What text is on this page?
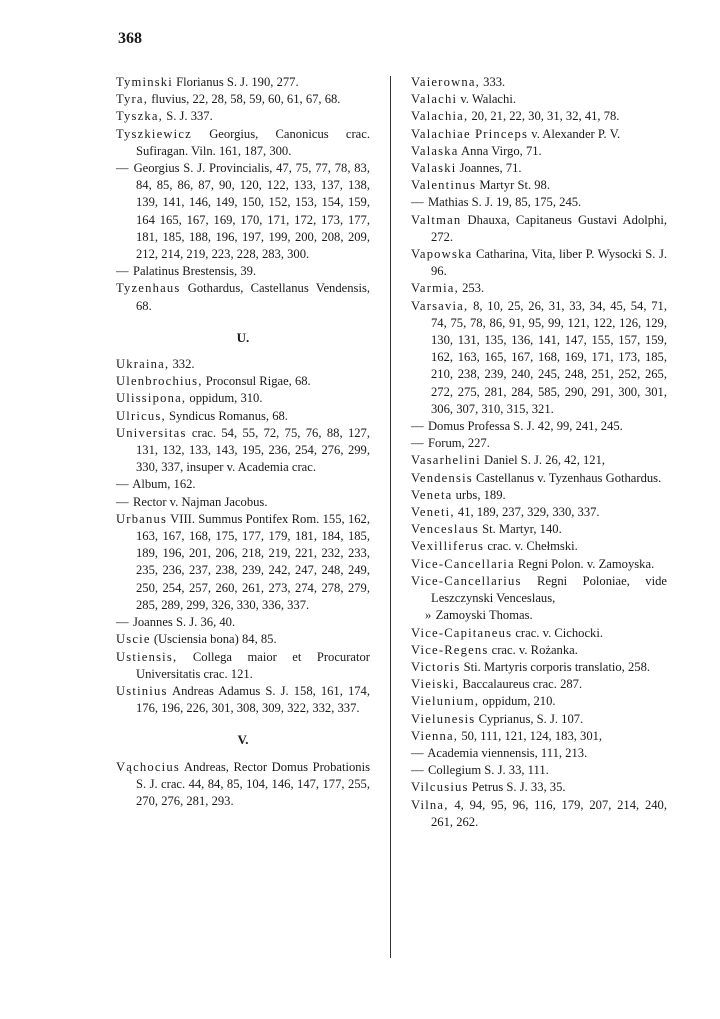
368

Tyminski Florianus S. J. 190, 277.

Tyra, fluvius, 22, 28, 58, 59, 60, 61, 67, 68.

Tyszka, S. J. 337.

Tyszkiewicz Georgius, Canonicus crac. Sufiragan. Viln. 161, 187, 300.

— Georgius S. J. Provincialis, 47, 75, 77, 78, 83, 84, 85, 86, 87, 90, 120, 122, 133, 137, 138, 139, 141, 146, 149, 150, 152, 153, 154, 159, 164 165, 167, 169, 170, 171, 172, 173, 177, 181, 185, 188, 196, 197, 199, 200, 208, 209, 212, 214, 219, 223, 228, 283, 300.

— Palatinus Brestensis, 39.

Tyzenhaus Gothardus, Castellanus Vendensis, 68.

U.

Ukraina, 332.

Ulenbrochius, Proconsul Rigae, 68.

Ulissipona, oppidum, 310.

Ulricus, Syndicus Romanus, 68.

Universitas crac. 54, 55, 72, 75, 76, 88, 127, 131, 132, 133, 143, 195, 236, 254, 276, 299, 330, 337, insuper v. Academia crac.

— Album, 162.

— Rector v. Najman Jacobus.

Urbanus VIII. Summus Pontifex Rom. 155, 162, 163, 167, 168, 175, 177, 179, 181, 184, 185, 189, 196, 201, 206, 218, 219, 221, 232, 233, 235, 236, 237, 238, 239, 242, 247, 248, 249, 250, 254, 257, 260, 261, 273, 274, 278, 279, 285, 289, 299, 326, 330, 336, 337.

— Joannes S. J. 36, 40.

Uscie (Usciensia bona) 84, 85.

Ustiensis, Collega maior et Procurator Universitatis crac. 121.

Ustinius Andreas Adamus S. J. 158, 161, 174, 176, 196, 226, 301, 308, 309, 322, 332, 337.

V.

Vąchocius Andreas, Rector Domus Probationis S. J. crac. 44, 84, 85, 104, 146, 147, 177, 255, 270, 276, 281, 293.

Vaierowna, 333.

Valachi v. Walachi.

Valachia, 20, 21, 22, 30, 31, 32, 41, 78.

Valachiae Princeps v. Alexander P. V.

Valaska Anna Virgo, 71.

Valaski Joannes, 71.

Valentinus Martyr St. 98.

— Mathias S. J. 19, 85, 175, 245.

Valtman Dhauxa, Capitaneus Gustavi Adolphi, 272.

Vapowska Catharina, Vita, liber P. Wysocki S. J. 96.

Varmia, 253.

Varsavia, 8, 10, 25, 26, 31, 33, 34, 45, 54, 71, 74, 75, 78, 86, 91, 95, 99, 121, 122, 126, 129, 130, 131, 135, 136, 141, 147, 155, 157, 159, 162, 163, 165, 167, 168, 169, 171, 173, 185, 210, 238, 239, 240, 245, 248, 251, 252, 265, 272, 275, 281, 284, 585, 290, 291, 300, 301, 306, 307, 310, 315, 321.

— Domus Professa S. J. 42, 99, 241, 245.

— Forum, 227.

Vasarhelini Daniel S. J. 26, 42, 121,

Vendensis Castellanus v. Tyzenhaus Gothardus.

Veneta urbs, 189.

Veneti, 41, 189, 237, 329, 330, 337.

Venceslaus St. Martyr, 140.

Vexilliferus crac. v. Chełmski.

Vice-Cancellaria Regni Polon. v. Zamoyska.

Vice-Cancellarius Regni Poloniae, vide Leszczynski Venceslaus,

» Zamoyski Thomas.

Vice-Capitaneus crac. v. Cichocki.

Vice-Regens crac. v. Rożanka.

Victoris Sti. Martyris corporis translatio, 258.

Vieiski, Baccalaureus crac. 287.

Vielunium, oppidum, 210.

Vielunesis Cyprianus, S. J. 107.

Vienna, 50, 111, 121, 124, 183, 301,

— Academia viennensis, 111, 213.

— Collegium S. J. 33, 111.

Vilcusius Petrus S. J. 33, 35.

Vilna, 4, 94, 95, 96, 116, 179, 207, 214, 240, 261, 262.
